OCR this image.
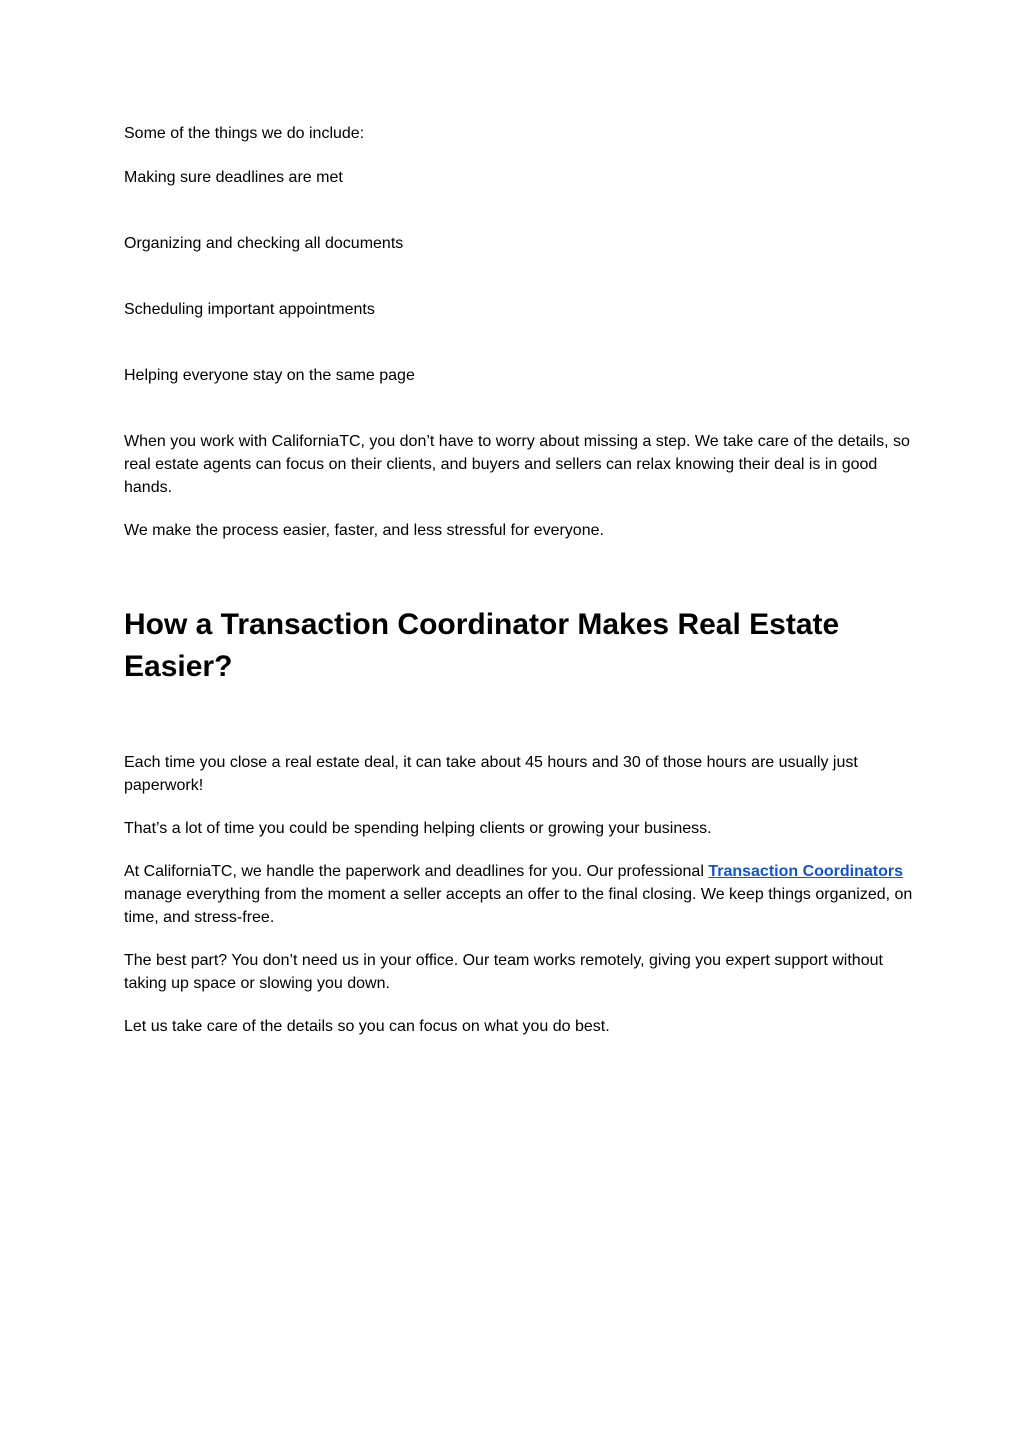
Some of the things we do include:

Making sure deadlines are met

Organizing and checking all documents

Scheduling important appointments

Helping everyone stay on the same page

When you work with CaliforniaTC, you don’t have to worry about missing a step. We take care of the details, so real estate agents can focus on their clients, and buyers and sellers can relax knowing their deal is in good hands.

We make the process easier, faster, and less stressful for everyone.

How a Transaction Coordinator Makes Real Estate Easier?

Each time you close a real estate deal, it can take about 45 hours and 30 of those hours are usually just paperwork!

That’s a lot of time you could be spending helping clients or growing your business.

At CaliforniaTC, we handle the paperwork and deadlines for you. Our professional Transaction Coordinators manage everything from the moment a seller accepts an offer to the final closing. We keep things organized, on time, and stress-free.

The best part? You don’t need us in your office. Our team works remotely, giving you expert support without taking up space or slowing you down.

Let us take care of the details so you can focus on what you do best.
